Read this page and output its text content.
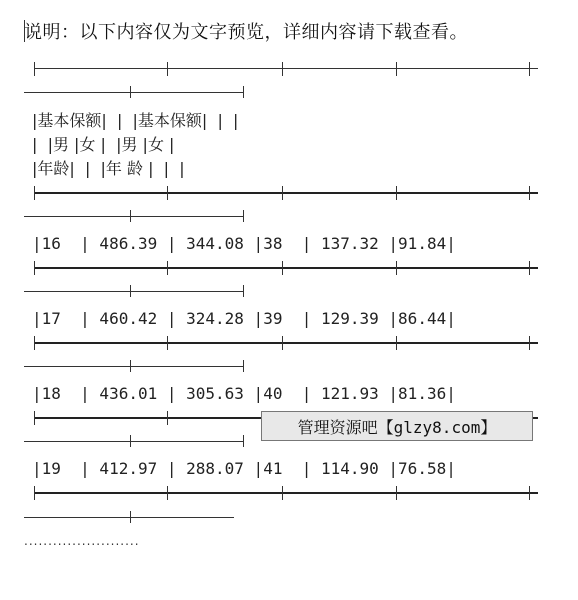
说明：以下内容仅为文字预览，详细内容请下载查看。
|基本保额|  |  |基本保额|  |  |
|  |男 |女 |  |男 |女 |
|年龄|  |  |年 龄 |  |  |
|16  | 486.39 | 344.08 |38  | 137.32 |91.84|
|17  | 460.42 | 324.28 |39  | 129.39 |86.44|
|18  | 436.01 | 305.63 |40  | 121.93 |81.36|
管理资源吧【glzy8.com】
|19  | 412.97 | 288.07 |41  | 114.90 |76.58|
........................
